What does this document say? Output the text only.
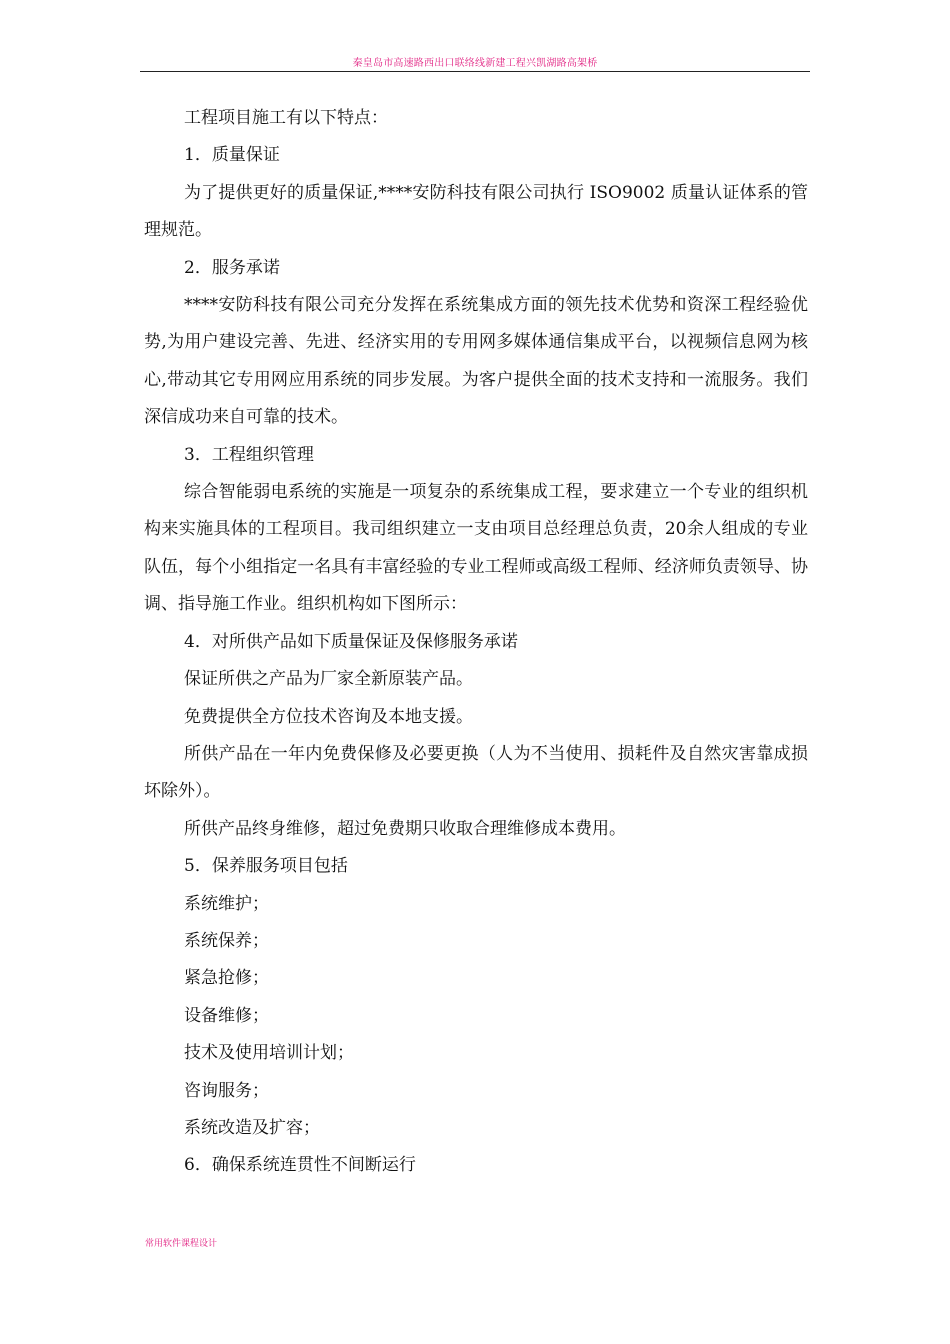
秦皇岛市高速路西出口联络线新建工程兴凯湖路高架桥

工程项目施工有以下特点：

1．质量保证

为了提供更好的质量保证,****安防科技有限公司执行 ISO9002 质量认证体系的管理规范。

2．服务承诺

****安防科技有限公司充分发挥在系统集成方面的领先技术优势和资深工程经验优势,为用户建设完善、先进、经济实用的专用网多媒体通信集成平台，以视频信息网为核心,带动其它专用网应用系统的同步发展。为客户提供全面的技术支持和一流服务。我们深信成功来自可靠的技术。

3．工程组织管理

综合智能弱电系统的实施是一项复杂的系统集成工程，要求建立一个专业的组织机构来实施具体的工程项目。我司组织建立一支由项目总经理总负责，20余人组成的专业队伍，每个小组指定一名具有丰富经验的专业工程师或高级工程师、经济师负责领导、协调、指导施工作业。组织机构如下图所示：

4．对所供产品如下质量保证及保修服务承诺

保证所供之产品为厂家全新原装产品。

免费提供全方位技术咨询及本地支援。

所供产品在一年内免费保修及必要更换（人为不当使用、损耗件及自然灾害靠成损坏除外）。

所供产品终身维修，超过免费期只收取合理维修成本费用。

5．保养服务项目包括

系统维护；

系统保养；

紧急抢修；

设备维修；

技术及使用培训计划；

咨询服务；

系统改造及扩容；

6．确保系统连贯性不间断运行

常用软件课程设计
